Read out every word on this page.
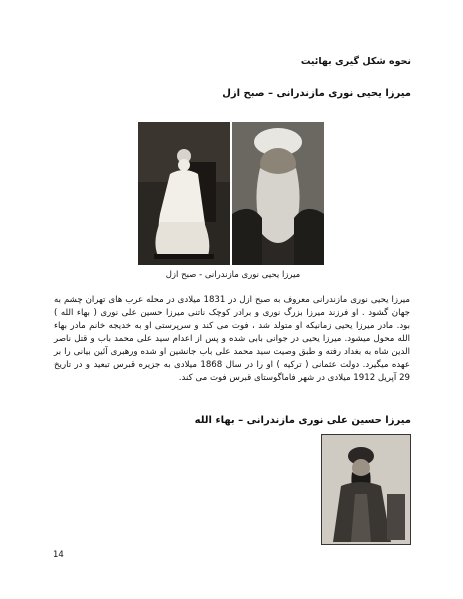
نحوه شکل گیری بهائیت
میرزا یحیی نوری مازندرانی – صبح ازل
میرزا یحیی نوری مازندرانی - صبح ازل
میرزا یحیی نوری مازندرانی معروف به صبح ازل در 1831 میلادی در محله عرب های تهران چشم به جهان گشود . او فرزند میرزا بزرگ نوری و برادر کوچک ناتنی میرزا حسین علی نوری ( بهاء الله ) بود. مادر میرزا یحیی زمانیکه او متولد شد ، فوت می کند و سرپرستی او به خدیجه خانم مادر بهاء الله محول میشود. میرزا یحیی در جوانی بابی شده و پس از اعدام سید علی محمد باب و قتل ناصر الدین شاه به بغداد رفته و طبق وصیت سید محمد علی باب جانشین او شده ورهبری آئین بیانی را بر عهده میگیرد. دولت عثمانی ( ترکیه ) او را در سال 1868 میلادی به جزیره قبرس تبعید و در تاریخ 29 آپریل 1912 میلادی در شهر فاماگوستای قبرس فوت می کند.
میرزا حسین علی نوری مازندرانی – بهاء الله
14
